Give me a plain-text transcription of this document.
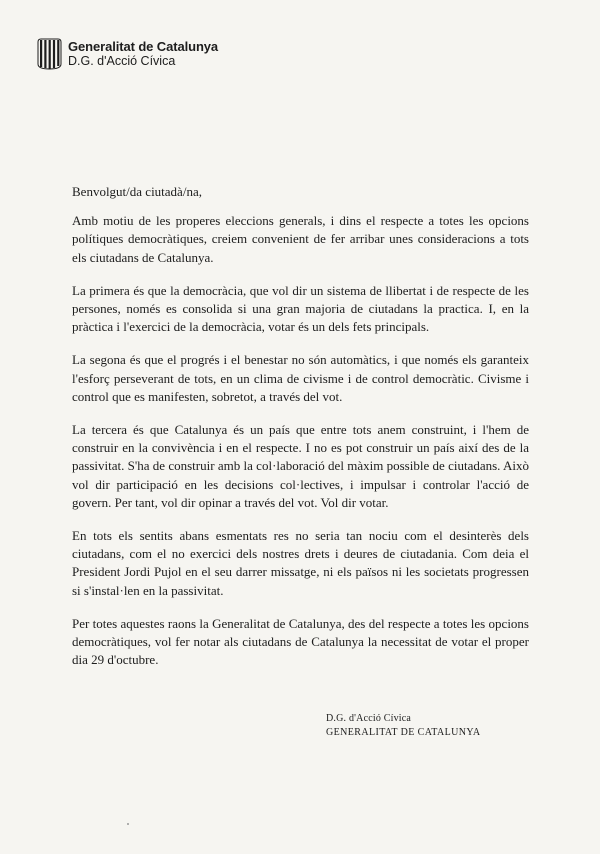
Generalitat de Catalunya
D.G. d'Acció Cívica

Benvolgut/da ciutadà/na,

Amb motiu de les properes eleccions generals, i dins el respecte a totes les opcions polítiques democràtiques, creiem convenient de fer arribar unes consideracions a tots els ciutadans de Catalunya.

La primera és que la democràcia, que vol dir un sistema de llibertat i de respecte de les persones, només es consolida si una gran majoria de ciutadans la practica. I, en la pràctica i l'exercici de la democràcia, votar és un dels fets principals.

La segona és que el progrés i el benestar no són automàtics, i que només els garanteix l'esforç perseverant de tots, en un clima de civisme i de control democràtic. Civisme i control que es manifesten, sobretot, a través del vot.

La tercera és que Catalunya és un país que entre tots anem construint, i l'hem de construir en la convivència i en el respecte. I no es pot construir un país així des de la passivitat. S'ha de construir amb la col·laboració del màxim possible de ciutadans. Això vol dir participació en les decisions col·lectives, i impulsar i controlar l'acció de govern. Per tant, vol dir opinar a través del vot. Vol dir votar.

En tots els sentits abans esmentats res no seria tan nociu com el desinterès dels ciutadans, com el no exercici dels nostres drets i deures de ciutadania. Com deia el President Jordi Pujol en el seu darrer missatge, ni els països ni les societats progressen si s'instal·len en la passivitat.

Per totes aquestes raons la Generalitat de Catalunya, des del respecte a totes les opcions democràtiques, vol fer notar als ciutadans de Catalunya la necessitat de votar el proper dia 29 d'octubre.

D.G. d'Acció Cívica
GENERALITAT DE CATALUNYA
